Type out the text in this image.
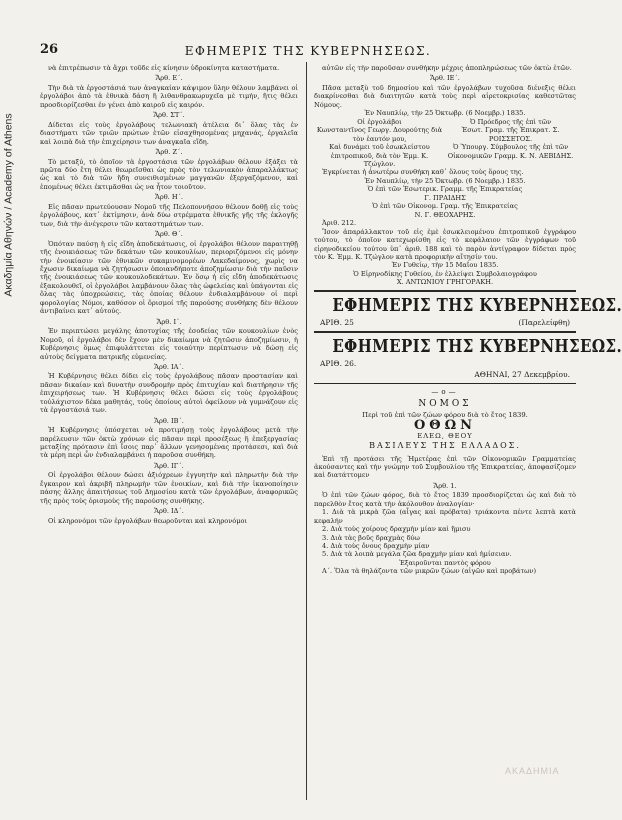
Ακαδημία Αθηνών / Academy of Athens
26	ΕΦΗΜΕΡΙΣ ΤΗΣ ΚΥΒΕΡΝΗΣΕΩΣ.

νὰ ἐπιτρέπωσιν τὰ ἄχρι τοῦδε εἰς κίνησιν ὑδροκίνητα καταστήματα.

Ἄρθ. Ε΄.

Τὴν διὰ τὰ ἐργοστάσιά των ἀναγκαίαν κάψιμον ὕλην θέλουν λαμβάνει οἱ ἐργολάβοι ἀπὸ τὰ ἐθνικὰ δάση ἢ λιθανθρακωρυχεῖα μὲ τιμήν, ἥτις θέλει προσδιορίζεσθαι ἐν γένει ἀπὸ καιροῦ εἰς καιρόν.

Ἄρθ. ΣΤ΄.

Δίδεται εἰς τοὺς ἐργολάβους τελωνιακὴ ἀτέλεια δι᾿ ὅλας τὰς ἐν διαστήματι τῶν τριῶν πρώτων ἐτῶν εἰσαχθησομένας μηχανάς, ἐργαλεῖα καὶ λοιπὰ διὰ τὴν ἐπιχείρησιν των ἀναγκαῖα εἴδη.

Ἄρθ. Ζ΄.

Τὸ μεταξύ, τὸ ὁποῖον τὰ ἐργοστάσια τῶν ἐργολάβων θέλουν ἐξάξει τὰ πρῶτα δύο ἔτη θέλει θεωρεῖσθαι ὡς πρὸς τὸν τελωνιακὸν ἀπαραλλάκτως ὡς καὶ τὸ διὰ τῶν ἤδη συνειθισμένων μαγγανῶν ἐξεργαζόμενον, καὶ ἑπομένως θέλει ἐκτιμᾶσθαι ὡς να ἦτον τοιοῦτον.

Ἄρθ. Η΄.

Εἰς πᾶσαν πρωτεύουσαν Νομοῦ τῆς Πελοποννήσου θέλουν δοθῇ εἰς τοὺς ἐργολάβους, κατ᾿ ἐκτίμησιν, ἀνὰ δύω στρέμματα ἐθνικῆς γῆς τῆς ἐκλογῆς των, διὰ τὴν ἀνέγερσιν τῶν καταστημάτων των.

Ἄρθ. Θ΄.

Ὁπόταν παύσῃ ἡ εἰς εἴδη ἀποδεκάτωσις, οἱ ἐργολάβοι θέλουν παραιτηθῇ τῆς ἐνοικιάσεως τῶν δεκάτων τῶν κουκουλίων, περιοριζόμενοι εἰς μόνην τὴν ἐνοικίασιν τῶν ἐθνικῶν συκαμινομορέων Λακεδαίμονος, χωρὶς να ἔχωσιν δικαίωμα νὰ ζητήσωσιν ὁποιανδήποτε ἀποζημίωσιν διὰ τὴν παῦσιν τῆς ἐνοικιάσεως τῶν κουκουλοδεκάτων. Ἐν ὅσῳ ἡ εἰς εἴδη ἀποδεκάτωσις ἐξακολουθεῖ, οἱ ἐργολάβοι λαμβάνουν ὅλας τὰς ὠφελείας καὶ ὑπάγονται εἰς ὅλας τὰς ὑποχρεώσεις, τὰς ὁποίας θέλουν ἐνδιαλαμβάνουν οἱ περὶ φορολογίας Νόμοι, καθόσον οἱ ὅρισμοί τῆς παρούσης συνθήκης δὲν θέλουν ἀντιβαίνει κατ᾿ αὐτούς.

Ἄρθ. Ι΄.

Ἐν περιπτώσει μεγάλης ἀποτυχίας τῆς ἐσοδείας τῶν κουκουλίων ἑνὸς Νομοῦ, οἱ ἐργολάβοι δὲν ἔχουν μὲν δικαίωμα νὰ ζητῶσιν ἀποζημίωσιν, ἡ Κυβέρνησις ὅμως ἐπιφυλάττεται εἰς τοιαύτην περίπτωσιν νὰ δώσῃ εἰς αὐτοὺς δείγματα πατρικῆς εὐμενείας.

Ἄρθ. ΙΑ΄.

Ἡ Κυβέρνησις θέλει δίδει εἰς τοὺς ἐργολάβους πᾶσαν προστασίαν καὶ πᾶσαν δικαίαν καὶ δυνατὴν συνδρομὴν πρὸς ἐπιτυχίαν καὶ διατήρησιν τῆς ἐπιχειρήσεως των. Ἡ Κυβέρνησις θέλει δώσει εἰς τοὺς ἐργολάβους τοὐλάχιστον δέκα μαθητάς, τοὺς ὁποίους αὐτοὶ ὀφείλουν νὰ γυμνάζουν εἰς τὰ ἐργοστάσιά των.

Ἄρθ. ΙΒ΄.

Ἡ Κυβέρνησις ὑπόσχεται νὰ προτιμήσῃ τοὺς ἐργολάβους μετὰ τὴν παρέλευσιν τῶν ὀκτὼ χρόνων εἰς πᾶσαν περὶ προσέξεως ἢ ἐπεξεργασίας μεταξίης πρότασιν ἐπὶ ἴσοις παρ᾿ ἄλλων γενησομένας προτάσεσι, καὶ διὰ τὰ μέρη περὶ ὧν ἐνδιαλαμβάνει ἡ παροῦσα συνθήκη.

Ἄρθ. ΙΓ΄.

Οἱ ἐργολάβοι θέλουν δώσει ἀξιόχρεων ἐγγυητὴν καὶ πληρωτὴν διὰ τὴν ἔγκαιρον καὶ ἀκριβῆ πληρωμὴν τῶν ἐνοικίων, καὶ διὰ τὴν ἱκανοποίησιν πάσης ἄλλης ἀπαιτήσεως τοῦ Δημοσίου κατὰ τῶν ἐργολάβων, ἀναφορικῶς τῆς πρὸς τοὺς ὁρισμοὺς τῆς παρούσης συνθήκης.

Ἄρθ. ΙΔ΄.

Οἱ κληρονόμοι τῶν ἐργολάβων θεωροῦνται καὶ κληρονόμοι

αὐτῶν εἰς τὴν παροῦσαν συνθήκην μέχρις ἀποπληρώσεως τῶν ὀκτὼ ἐτῶν.

Ἄρθ. ΙΕ΄.

Πᾶσα μεταξὺ τοῦ δημοσίου καὶ τῶν ἐργολάβων τυχοῦσα διένεξις θέλει διακρίνεσθαι διὰ διαιτητῶν κατὰ τοὺς περὶ αἱρετοκρισίας καθεστῶτας Νόμους.

Ἐν Ναυπλίῳ, τὴν 25 Ὀκτωβρ. (6 Νοεμβρ.) 1835.

Οἱ ἐργολάβοι	Ὁ Πρόεδρος τῆς ἐπὶ τῶν
Κωνσταντῖνος Γεωργ. Δουρούτης διὰ τὸν ἑαυτόν μου,
Ἐσωτ. Γραμ. τῆς Ἐπικρατ. Σ. ΡΟΙΣΣΕΤΟΣ.
Καὶ δυνάμει τοῦ ἐσωκλείστου ἐπιτροπικοῦ, διὰ τὸν Ἐμμ. Κ. Τζώγλον.
Ὁ Ὑπουργ. Σύμβουλος τῆς ἐπὶ τῶν Οἰκονομικῶν Γραμμ. Κ. Ν. ΑΕΒΙΔΗΣ.

Ἐγκρίνεται ἡ ἀνωτέρω συνθήκη καθ᾿ ὅλους τοὺς ὅρους της.

Ἐν Ναυπλίῳ, τὴν 25 Ὀκτωβρ. (6 Νοεμβρ.) 1835.

Ὁ ἐπὶ τῶν Ἐσωτερικ. Γραμμ. τῆς Ἐπικρατείας

Γ. ΠΡΑΙΔΗΣ

Ὁ ἐπὶ τῶν Οἰκονομ. Γραμ. τῆς Ἐπικρατείας

Ν. Γ. ΘΕΟΧΑΡΗΣ.

Ἀριθ. 212.

Ἴσον ἀπαράλλακτον τοῦ εἰς ἐμὲ ἐσωκλειομένου ἐπιτροπικοῦ ἐγγράφου τούτου, τὸ ὁποῖον κατεχωρίσθη εἰς τὸ κεφάλαιον τῶν ἐγγράφων τοῦ εἰρηνοδικείου τούτου ὑπ᾿ ἀριθ. 188 καὶ τὸ παρὸν ἀντίγραφον δίδεται πρὸς τὸν Κ. Ἐμμ. Κ. Τζώγλον κατὰ προφορικὴν αἴτησίν του.

Ἐν Γυθείῳ, τὴν 15 Μαΐου 1835.

Ὁ Εἰρηνοδίκης Γυθείου, ἐν ἐλλείψει Συμβολαιογράφου

Χ. ΑΝΤΩΝΙΟΥ ΓΡΗΓΟΡΑΚΗ.

ΕΦΗΜΕΡΙΣ ΤΗΣ ΚΥΒΕΡΝΗΣΕΩΣ.
ΑΡΙΘ. 25	(Παρελείφθη)
ΕΦΗΜΕΡΙΣ ΤΗΣ ΚΥΒΕΡΝΗΣΕΩΣ.
ΑΡΙΘ. 26.
ΑΘΗΝΑΙ, 27 Δεκεμβρίου.
—ο—
ΝΟΜΟΣ
Περὶ τοῦ ἐπὶ τῶν ζώων φόρου διὰ τὸ ἔτος 1839.
ΟΘΩΝ
ΕΛΕΩ, ΘΕΟΥ
ΒΑΣΙΛΕΥΣ ΤΗΣ ΕΛΛΑΔΟΣ.

Ἐπὶ τῇ προτάσει τῆς Ἡμετέρας ἐπὶ τῶν Οἰκονομικῶν Γραμματείας ἀκούσαντες καὶ τὴν γνώμην τοῦ Συμβουλίου τῆς Ἐπικρατείας, ἀποφασίζομεν καὶ διατάττομεν

Ἄρθ. 1.

Ὁ ἐπὶ τῶν ζώων φόρος, διὰ τὸ ἔτος 1839 προσδιορίζεται ὡς καὶ διὰ τὸ παρελθὸν ἔτος κατὰ τὴν ἀκόλουθον ἀναλογίαν·

1. Διὰ τὰ μικρὰ ζῶα (αἶγας καὶ πρόβατα) τριάκοντα πέντε λεπτὰ κατὰ κεφαλήν

2. Διὰ τοὺς χοίρους δραχμὴν μίαν καὶ ἥμισυ

3. Διὰ τὰς βοῦς δραχμὰς δύω

4. Διὰ τοὺς ὄνους δραχμὴν μίαν

5. Διὰ τὰ λοιπὰ μεγάλα ζῶα δραχμὴν μίαν καὶ ἡμίσειαν.

Ἐξαιροῦνται παντὸς φόρου

Α΄. Ὅλα τὰ θηλάζοντα τῶν μικρῶν ζώων (αἰγῶν καὶ προβάτων)

ΑΚΑΔΗΜΙΑ
